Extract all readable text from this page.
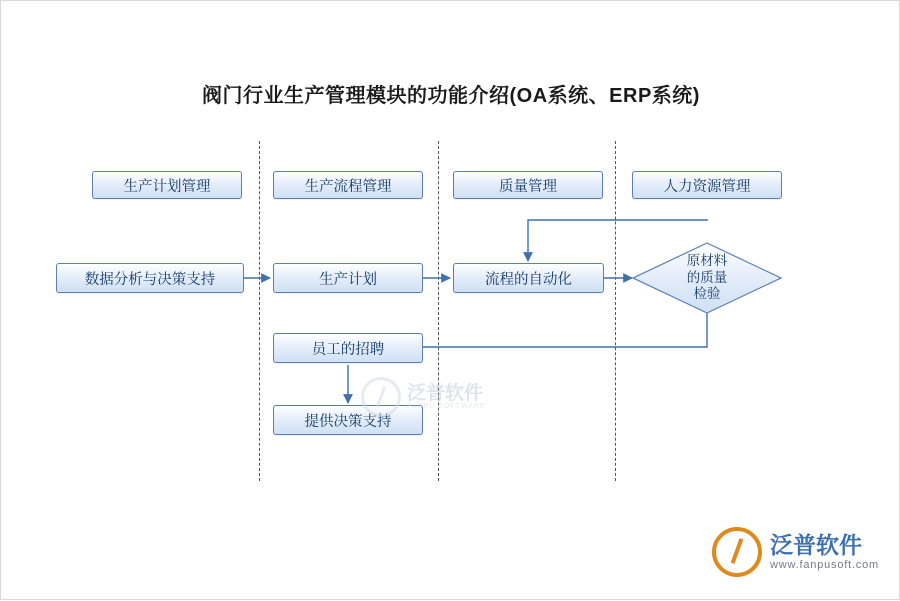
阀门行业生产管理模块的功能介绍(OA系统、ERP系统)
生产计划管理	生产流程管理	质量管理	人力资源管理
数据分析与决策支持	生产计划	流程的自动化
原材料
的质量
检验
员工的招聘
提供决策支持
泛普软件
FANPU SOFTWARE
泛普软件
www.fanpusoft.com
